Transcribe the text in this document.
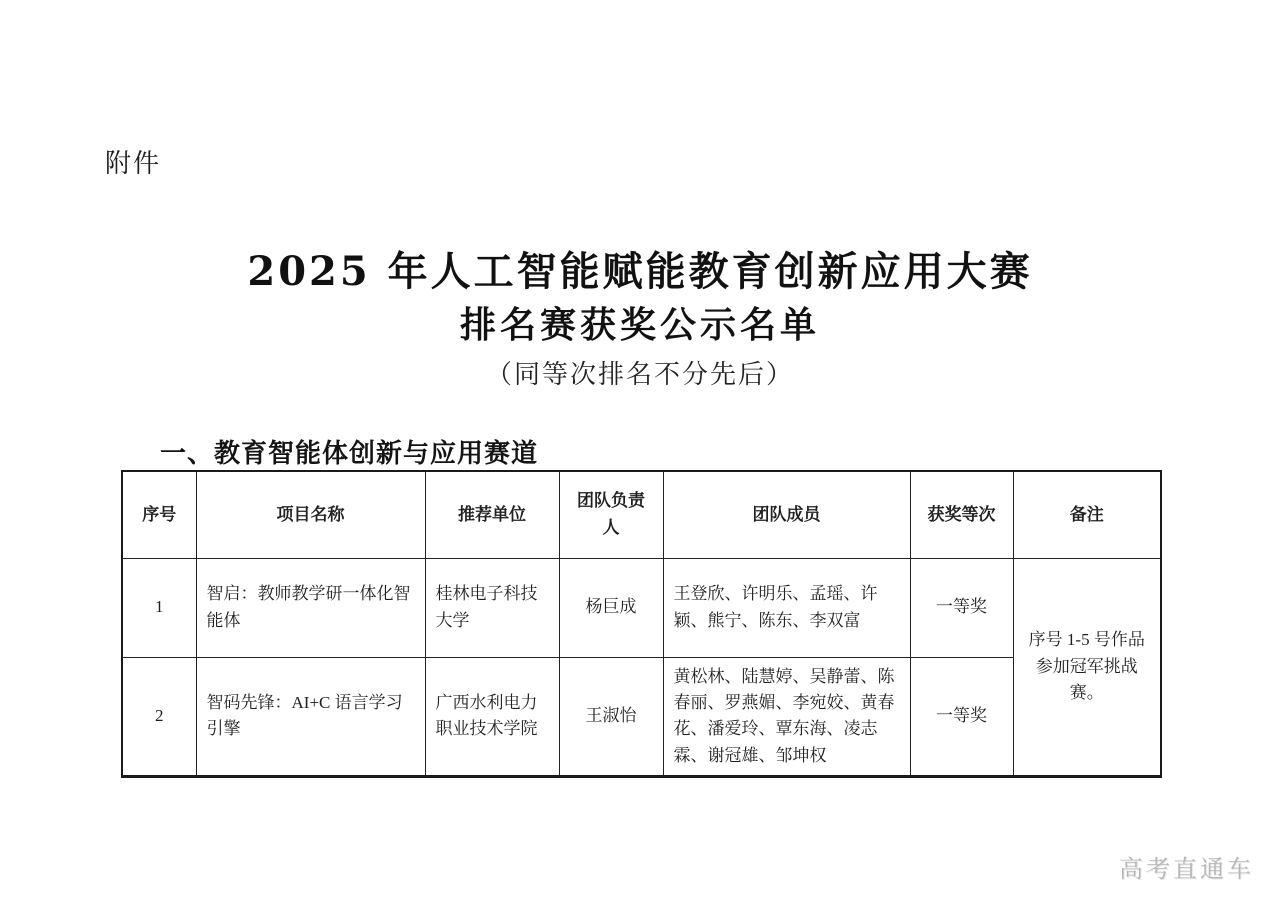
附件
2025 年人工智能赋能教育创新应用大赛
排名赛获奖公示名单
（同等次排名不分先后）
一、教育智能体创新与应用赛道
序号	项目名称	推荐单位	团队负责人	团队成员	获奖等次	备注
1	智启：教师教学研一体化智能体	桂林电子科技大学	杨巨成	王登欣、许明乐、孟瑶、许颖、熊宁、陈东、李双富	一等奖	序号 1-5 号作品参加冠军挑战赛。
2	智码先锋：AI+C 语言学习引擎	广西水利电力职业技术学院	王淑怡	黄松林、陆慧婷、吴静蕾、陈春丽、罗燕媚、李宛姣、黄春花、潘爱玲、覃东海、凌志霖、谢冠雄、邹坤权	一等奖	
高考直通车
